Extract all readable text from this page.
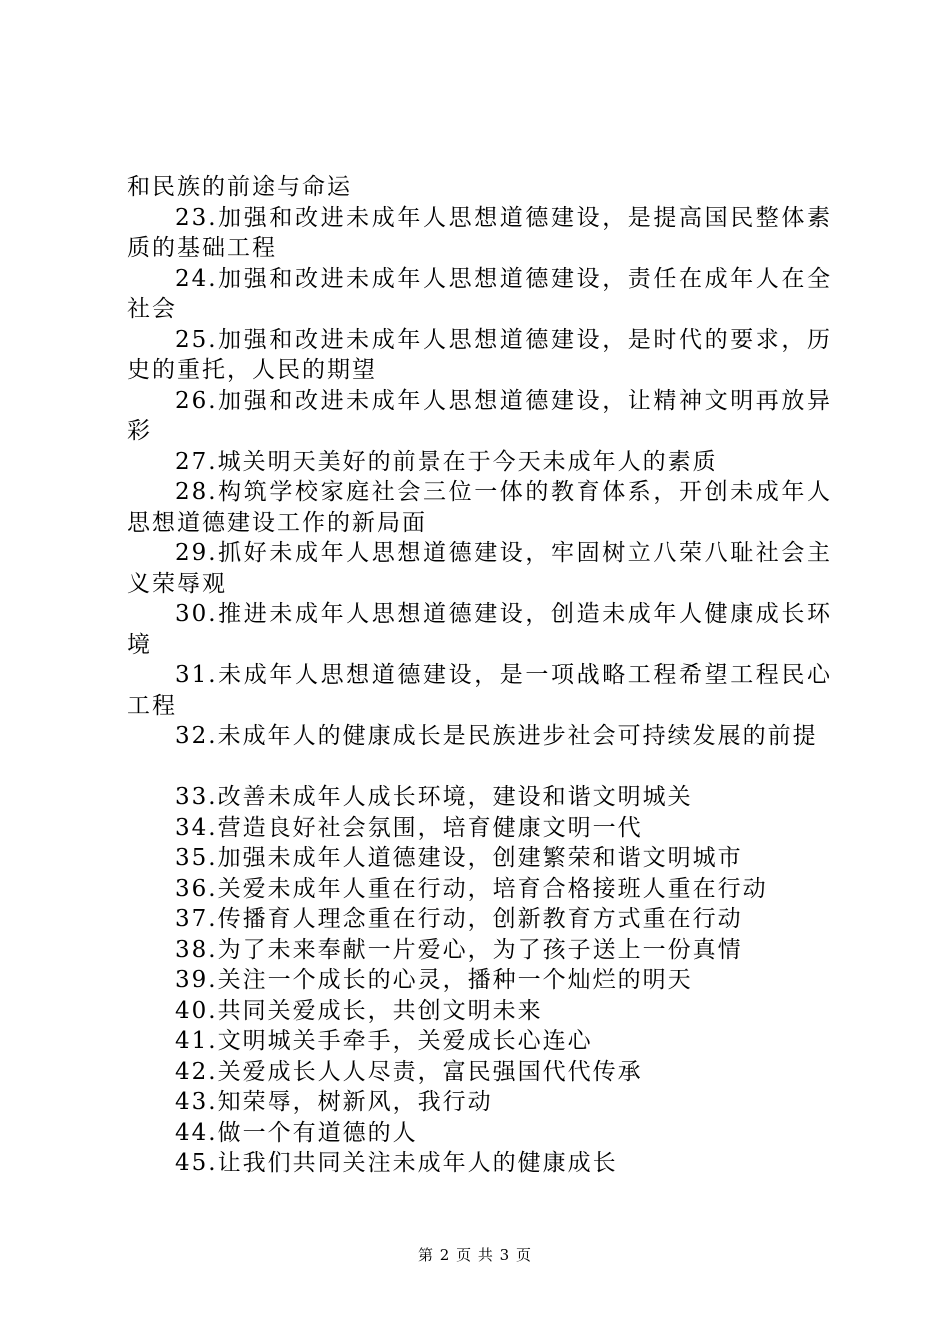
和民族的前途与命运

23.加强和改进未成年人思想道德建设，是提高国民整体素质的基础工程

24.加强和改进未成年人思想道德建设，责任在成年人在全社会

25.加强和改进未成年人思想道德建设，是时代的要求，历史的重托，人民的期望

26.加强和改进未成年人思想道德建设，让精神文明再放异彩

27.城关明天美好的前景在于今天未成年人的素质

28.构筑学校家庭社会三位一体的教育体系，开创未成年人思想道德建设工作的新局面

29.抓好未成年人思想道德建设，牢固树立八荣八耻社会主义荣辱观

30.推进未成年人思想道德建设，创造未成年人健康成长环境

31.未成年人思想道德建设，是一项战略工程希望工程民心工程

32.未成年人的健康成长是民族进步社会可持续发展的前提

33.改善未成年人成长环境，建设和谐文明城关

34.营造良好社会氛围，培育健康文明一代

35.加强未成年人道德建设，创建繁荣和谐文明城市

36.关爱未成年人重在行动，培育合格接班人重在行动

37.传播育人理念重在行动，创新教育方式重在行动

38.为了未来奉献一片爱心，为了孩子送上一份真情

39.关注一个成长的心灵，播种一个灿烂的明天

40.共同关爱成长，共创文明未来

41.文明城关手牵手，关爱成长心连心

42.关爱成长人人尽责，富民强国代代传承

43.知荣辱，树新风，我行动

44.做一个有道德的人

45.让我们共同关注未成年人的健康成长

第 2 页 共 3 页
